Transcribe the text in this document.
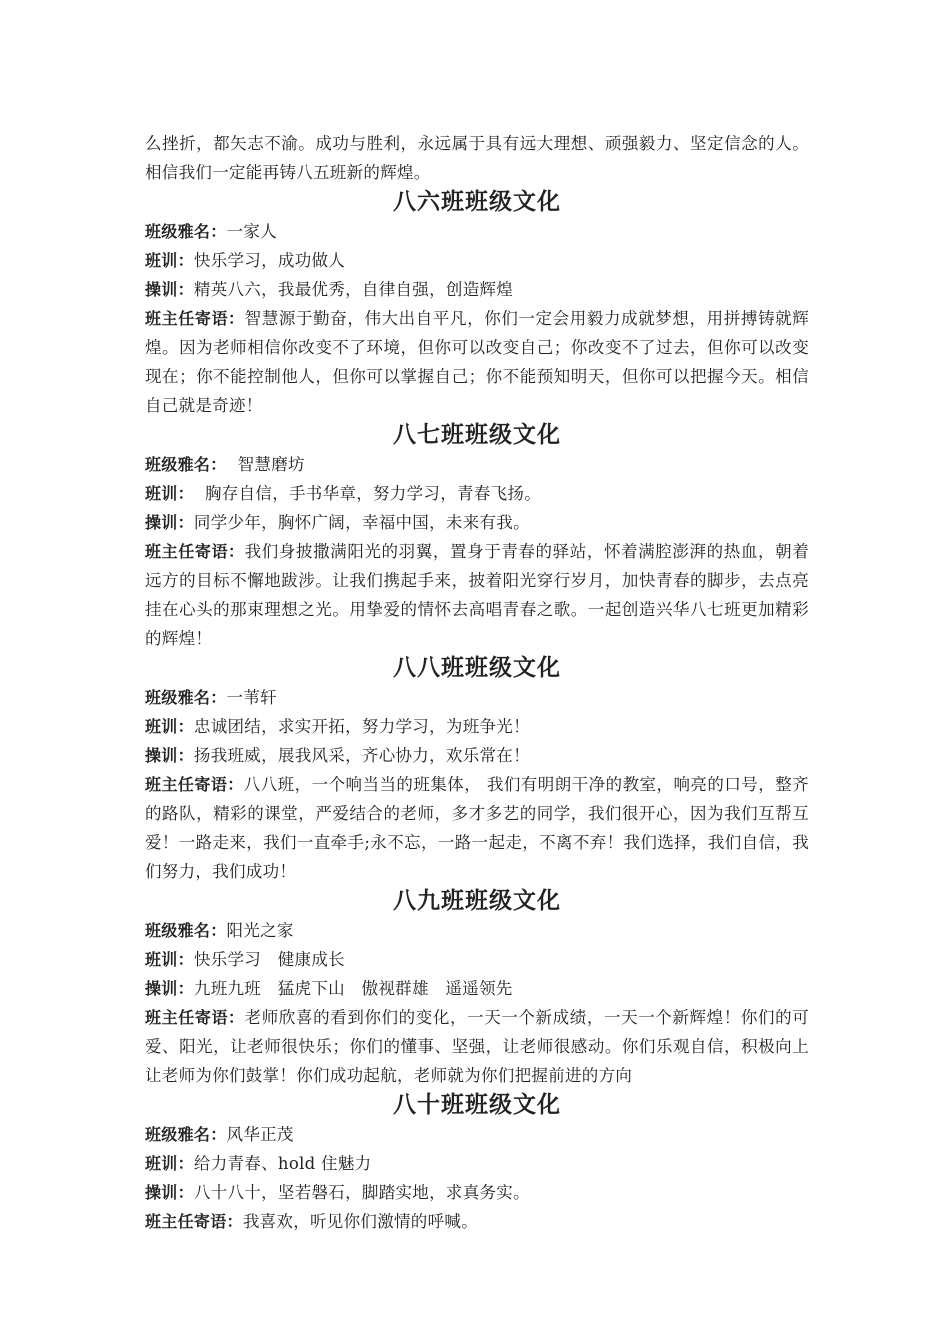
么挫折，都矢志不渝。成功与胜利，永远属于具有远大理想、顽强毅力、坚定信念的人。相信我们一定能再铸八五班新的辉煌。

八六班班级文化

班级雅名：一家人

班训：快乐学习，成功做人

操训：精英八六，我最优秀，自律自强，创造辉煌

班主任寄语：智慧源于勤奋，伟大出自平凡，你们一定会用毅力成就梦想，用拼搏铸就辉煌。因为老师相信你改变不了环境，但你可以改变自己；你改变不了过去，但你可以改变现在；你不能控制他人，但你可以掌握自己；你不能预知明天，但你可以把握今天。相信自己就是奇迹！

八七班班级文化

班级雅名：  智慧磨坊

班训：  胸存自信，手书华章，努力学习，青春飞扬。

操训：同学少年，胸怀广阔，幸福中国，未来有我。

班主任寄语：我们身披撒满阳光的羽翼，置身于青春的驿站，怀着满腔澎湃的热血，朝着远方的目标不懈地跋涉。让我们携起手来，披着阳光穿行岁月，加快青春的脚步，去点亮挂在心头的那束理想之光。用挚爱的情怀去高唱青春之歌。一起创造兴华八七班更加精彩的辉煌！

八八班班级文化

班级雅名：一苇轩

班训：忠诚团结，求实开拓，努力学习，为班争光！

操训：扬我班威，展我风采，齐心协力，欢乐常在！

班主任寄语：八八班，一个响当当的班集体， 我们有明朗干净的教室，响亮的口号，整齐的路队，精彩的课堂，严爱结合的老师，多才多艺的同学，我们很开心，因为我们互帮互爱！一路走来，我们一直牵手;永不忘，一路一起走，不离不弃！我们选择，我们自信，我们努力，我们成功！

八九班班级文化

班级雅名：阳光之家

班训：快乐学习   健康成长

操训：九班九班   猛虎下山   傲视群雄   遥遥领先

班主任寄语：老师欣喜的看到你们的变化，一天一个新成绩，一天一个新辉煌！你们的可爱、阳光，让老师很快乐；你们的懂事、坚强，让老师很感动。你们乐观自信，积极向上让老师为你们鼓掌！你们成功起航，老师就为你们把握前进的方向

八十班班级文化

班级雅名：风华正茂

班训：给力青春、hold 住魅力

操训：八十八十，坚若磐石，脚踏实地，求真务实。

班主任寄语：我喜欢，听见你们激情的呼喊。
